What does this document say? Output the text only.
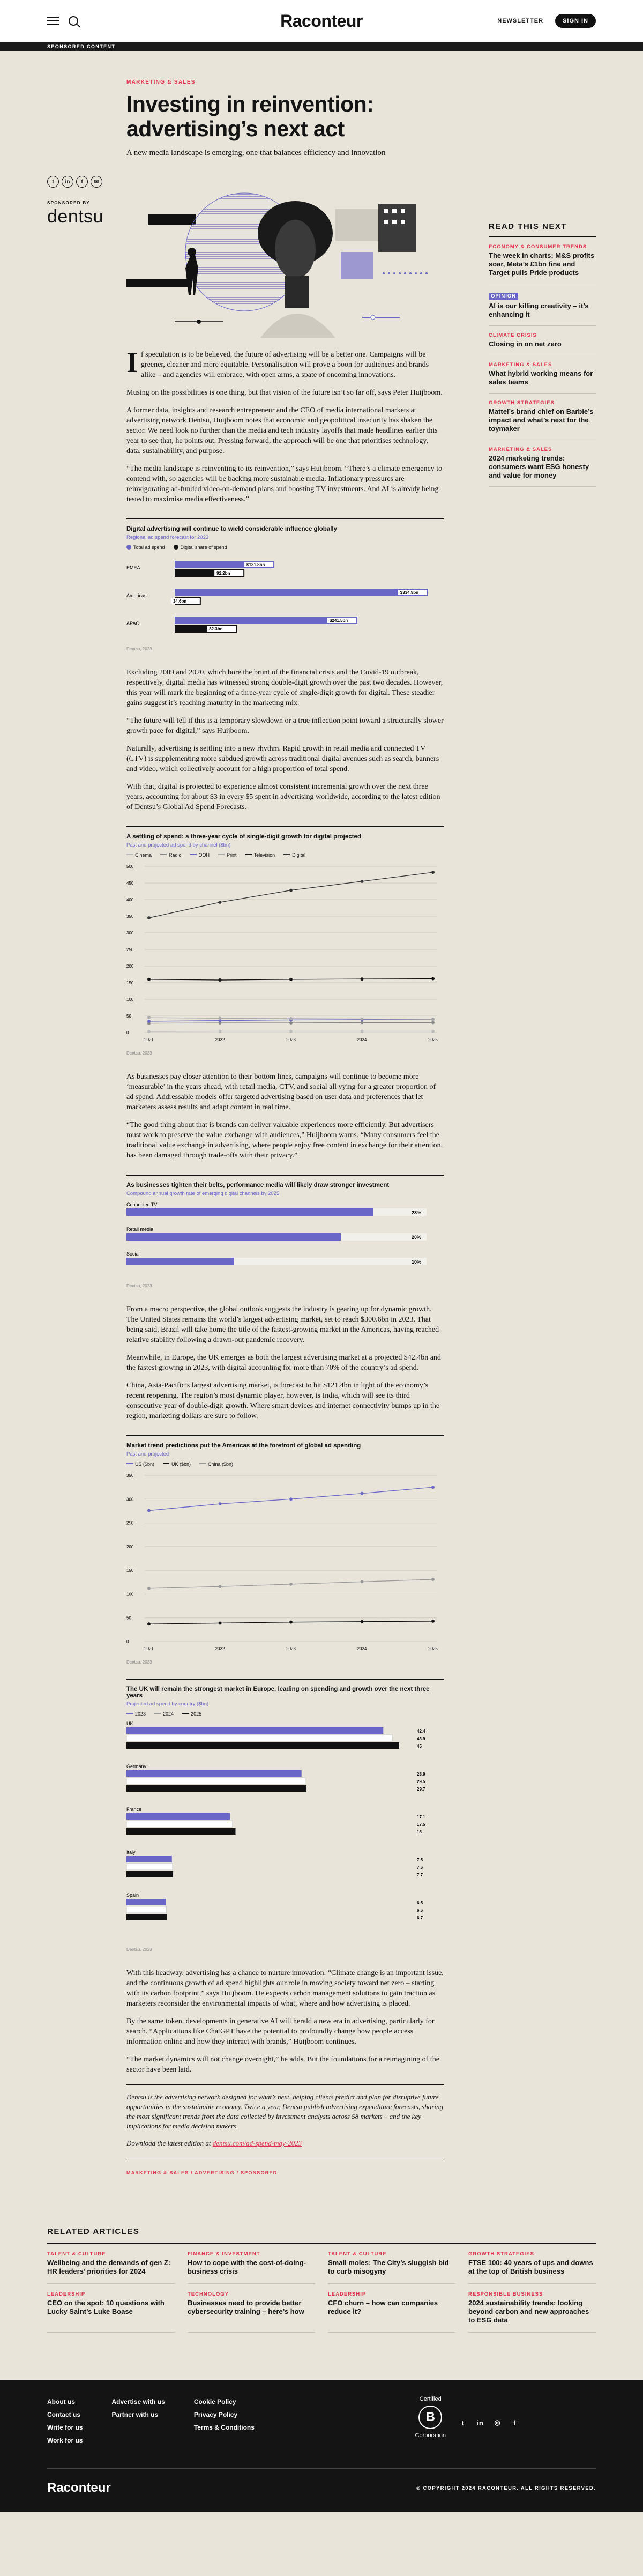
Raconteur	NEWSLETTER	SIGN IN
SPONSORED CONTENT
MARKETING & SALES
Investing in reinvention: advertising’s next act
A new media landscape is emerging, one that balances efficiency and innovation
t	in	f	✉
SPONSORED BY
dentsu

If speculation is to be believed, the future of advertising will be a better one. Campaigns will be greener, cleaner and more equitable. Personalisation will prove a boon for audiences and brands alike – and agencies will embrace, with open arms, a spate of oncoming innovations.

Musing on the possibilities is one thing, but that vision of the future isn’t so far off, says Peter Huijboom.

A former data, insights and research entrepreneur and the CEO of media international markets at advertising network Dentsu, Huijboom notes that economic and geopolitical insecurity has shaken the sector. We need look no further than the media and tech industry layoffs that made headlines earlier this year to see that, he points out. Pressing forward, the approach will be one that prioritises technology, data, sustainability, and purpose.

“The media landscape is reinventing to its reinvention,” says Huijboom. “There’s a climate emergency to contend with, so agencies will be backing more sustainable media. Inflationary pressures are reinvigorating ad-funded video-on-demand plans and boosting TV investments. And AI is already being tested to maximise media effectiveness.”

Digital advertising will continue to wield considerable influence globally
Regional ad spend forecast for 2023
Total ad spend	Digital share of spend
EMEA
$131.8bn
92.2bn
Americas
$334.9bn
34.6bn
APAC
$241.5bn
82.3bn
Dentsu, 2023

Excluding 2009 and 2020, which bore the brunt of the financial crisis and the Covid-19 outbreak, respectively, digital media has witnessed strong double-digit growth over the past two decades. However, this year will mark the beginning of a three-year cycle of single-digit growth for digital. These steadier gains suggest it’s reaching maturity in the marketing mix.

“The future will tell if this is a temporary slowdown or a true inflection point toward a structurally slower growth pace for digital,” says Huijboom.

Naturally, advertising is settling into a new rhythm. Rapid growth in retail media and connected TV (CTV) is supplementing more subdued growth across traditional digital avenues such as search, banners and video, which collectively account for a high proportion of total spend.

With that, digital is projected to experience almost consistent incremental growth over the next three years, accounting for about $3 in every $5 spent in advertising worldwide, according to the latest edition of Dentsu’s Global Ad Spend Forecasts.

A settling of spend: a three-year cycle of single-digit growth for digital projected
Past and projected ad spend by channel ($bn)
Cinema	Radio	OOH	Print	Television	Digital
0
50
100
150
200
250
300
350
400
450
500
2021	2022	2023	2024	2025
Dentsu, 2023

As businesses pay closer attention to their bottom lines, campaigns will continue to become more ‘measurable’ in the years ahead, with retail media, CTV, and social all vying for a greater proportion of ad spend. Addressable models offer targeted advertising based on user data and preferences that let marketers assess results and adapt content in real time.

“The good thing about that is brands can deliver valuable experiences more efficiently. But advertisers must work to preserve the value exchange with audiences,” Huijboom warns. “Many consumers feel the traditional value exchange in advertising, where people enjoy free content in exchange for their attention, has been damaged through trade-offs with their privacy.”

As businesses tighten their belts, performance media will likely draw stronger investment
Compound annual growth rate of emerging digital channels by 2025
Connected TV
23%
Retail media
20%
Social
10%
Dentsu, 2023

From a macro perspective, the global outlook suggests the industry is gearing up for dynamic growth. The United States remains the world’s largest advertising market, set to reach $300.6bn in 2023. That being said, Brazil will take home the title of the fastest-growing market in the Americas, having reached relative stability following a drawn-out pandemic recovery.

Meanwhile, in Europe, the UK emerges as both the largest advertising market at a projected $42.4bn and the fastest growing in 2023, with digital accounting for more than 70% of the country’s ad spend.

China, Asia-Pacific’s largest advertising market, is forecast to hit $121.4bn in light of the economy’s recent reopening. The region’s most dynamic player, however, is India, which will see its third consecutive year of double-digit growth. Where smart devices and internet connectivity bumps up in the region, marketing dollars are sure to follow.

Market trend predictions put the Americas at the forefront of global ad spending
Past and projected
US ($bn)	UK ($bn)	China ($bn)
0
50
100
150
200
250
300
350
2021	2022	2023	2024	2025
Dentsu, 2023
The UK will remain the strongest market in Europe, leading on spending and growth over the next three years
Projected ad spend by country ($bn)
2023	2024	2025
UK
42.4
43.9
45
Germany
28.9
29.5
29.7
France
17.1
17.5
18
Italy
7.5
7.6
7.7
Spain
6.5
6.6
6.7
Dentsu, 2023

With this headway, advertising has a chance to nurture innovation. “Climate change is an important issue, and the continuous growth of ad spend highlights our role in moving society toward net zero – starting with its carbon footprint,” says Huijboom. He expects carbon management solutions to gain traction as marketers reconsider the environmental impacts of what, where and how advertising is placed.

By the same token, developments in generative AI will herald a new era in advertising, particularly for search. “Applications like ChatGPT have the potential to profoundly change how people access information online and how they interact with brands,” Huijboom continues.

“The market dynamics will not change overnight,” he adds. But the foundations for a reimagining of the sector have been laid.

Dentsu is the advertising network designed for what’s next, helping clients predict and plan for disruptive future opportunities in the sustainable economy. Twice a year, Dentsu publish advertising expenditure forecasts, sharing the most significant trends from the data collected by investment analysts across 58 markets – and the key implications for media decision makers.

Download the latest edition at dentsu.com/ad-spend-may-2023

MARKETING & SALES / ADVERTISING / SPONSORED
READ THIS NEXT
ECONOMY & CONSUMER TRENDS
The week in charts: M&S profits soar, Meta’s £1bn fine and Target pulls Pride products
OPINION
AI is our killing creativity – it’s enhancing it
CLIMATE CRISIS
Closing in on net zero
MARKETING & SALES
What hybrid working means for sales teams
GROWTH STRATEGIES
Mattel’s brand chief on Barbie’s impact and what’s next for the toymaker
MARKETING & SALES
2024 marketing trends: consumers want ESG honesty and value for money
RELATED ARTICLES
TALENT & CULTURE
Wellbeing and the demands of gen Z: HR leaders’ priorities for 2024
FINANCE & INVESTMENT
How to cope with the cost-of-doing-business crisis
TALENT & CULTURE
Small moles: The City’s sluggish bid to curb misogyny
GROWTH STRATEGIES
FTSE 100: 40 years of ups and downs at the top of British business
LEADERSHIP
CEO on the spot: 10 questions with Lucky Saint’s Luke Boase
TECHNOLOGY
Businesses need to provide better cybersecurity training – here’s how
LEADERSHIP
CFO churn – how can companies reduce it?
RESPONSIBLE BUSINESS
2024 sustainability trends: looking beyond carbon and new approaches to ESG data
About us
Contact us
Write for us
Work for us
Advertise with us
Partner with us
Cookie Policy
Privacy Policy
Terms & Conditions
Certified
B
Corporation
t	in	◎	f
Raconteur	© COPYRIGHT 2024 RACONTEUR. ALL RIGHTS RESERVED.
